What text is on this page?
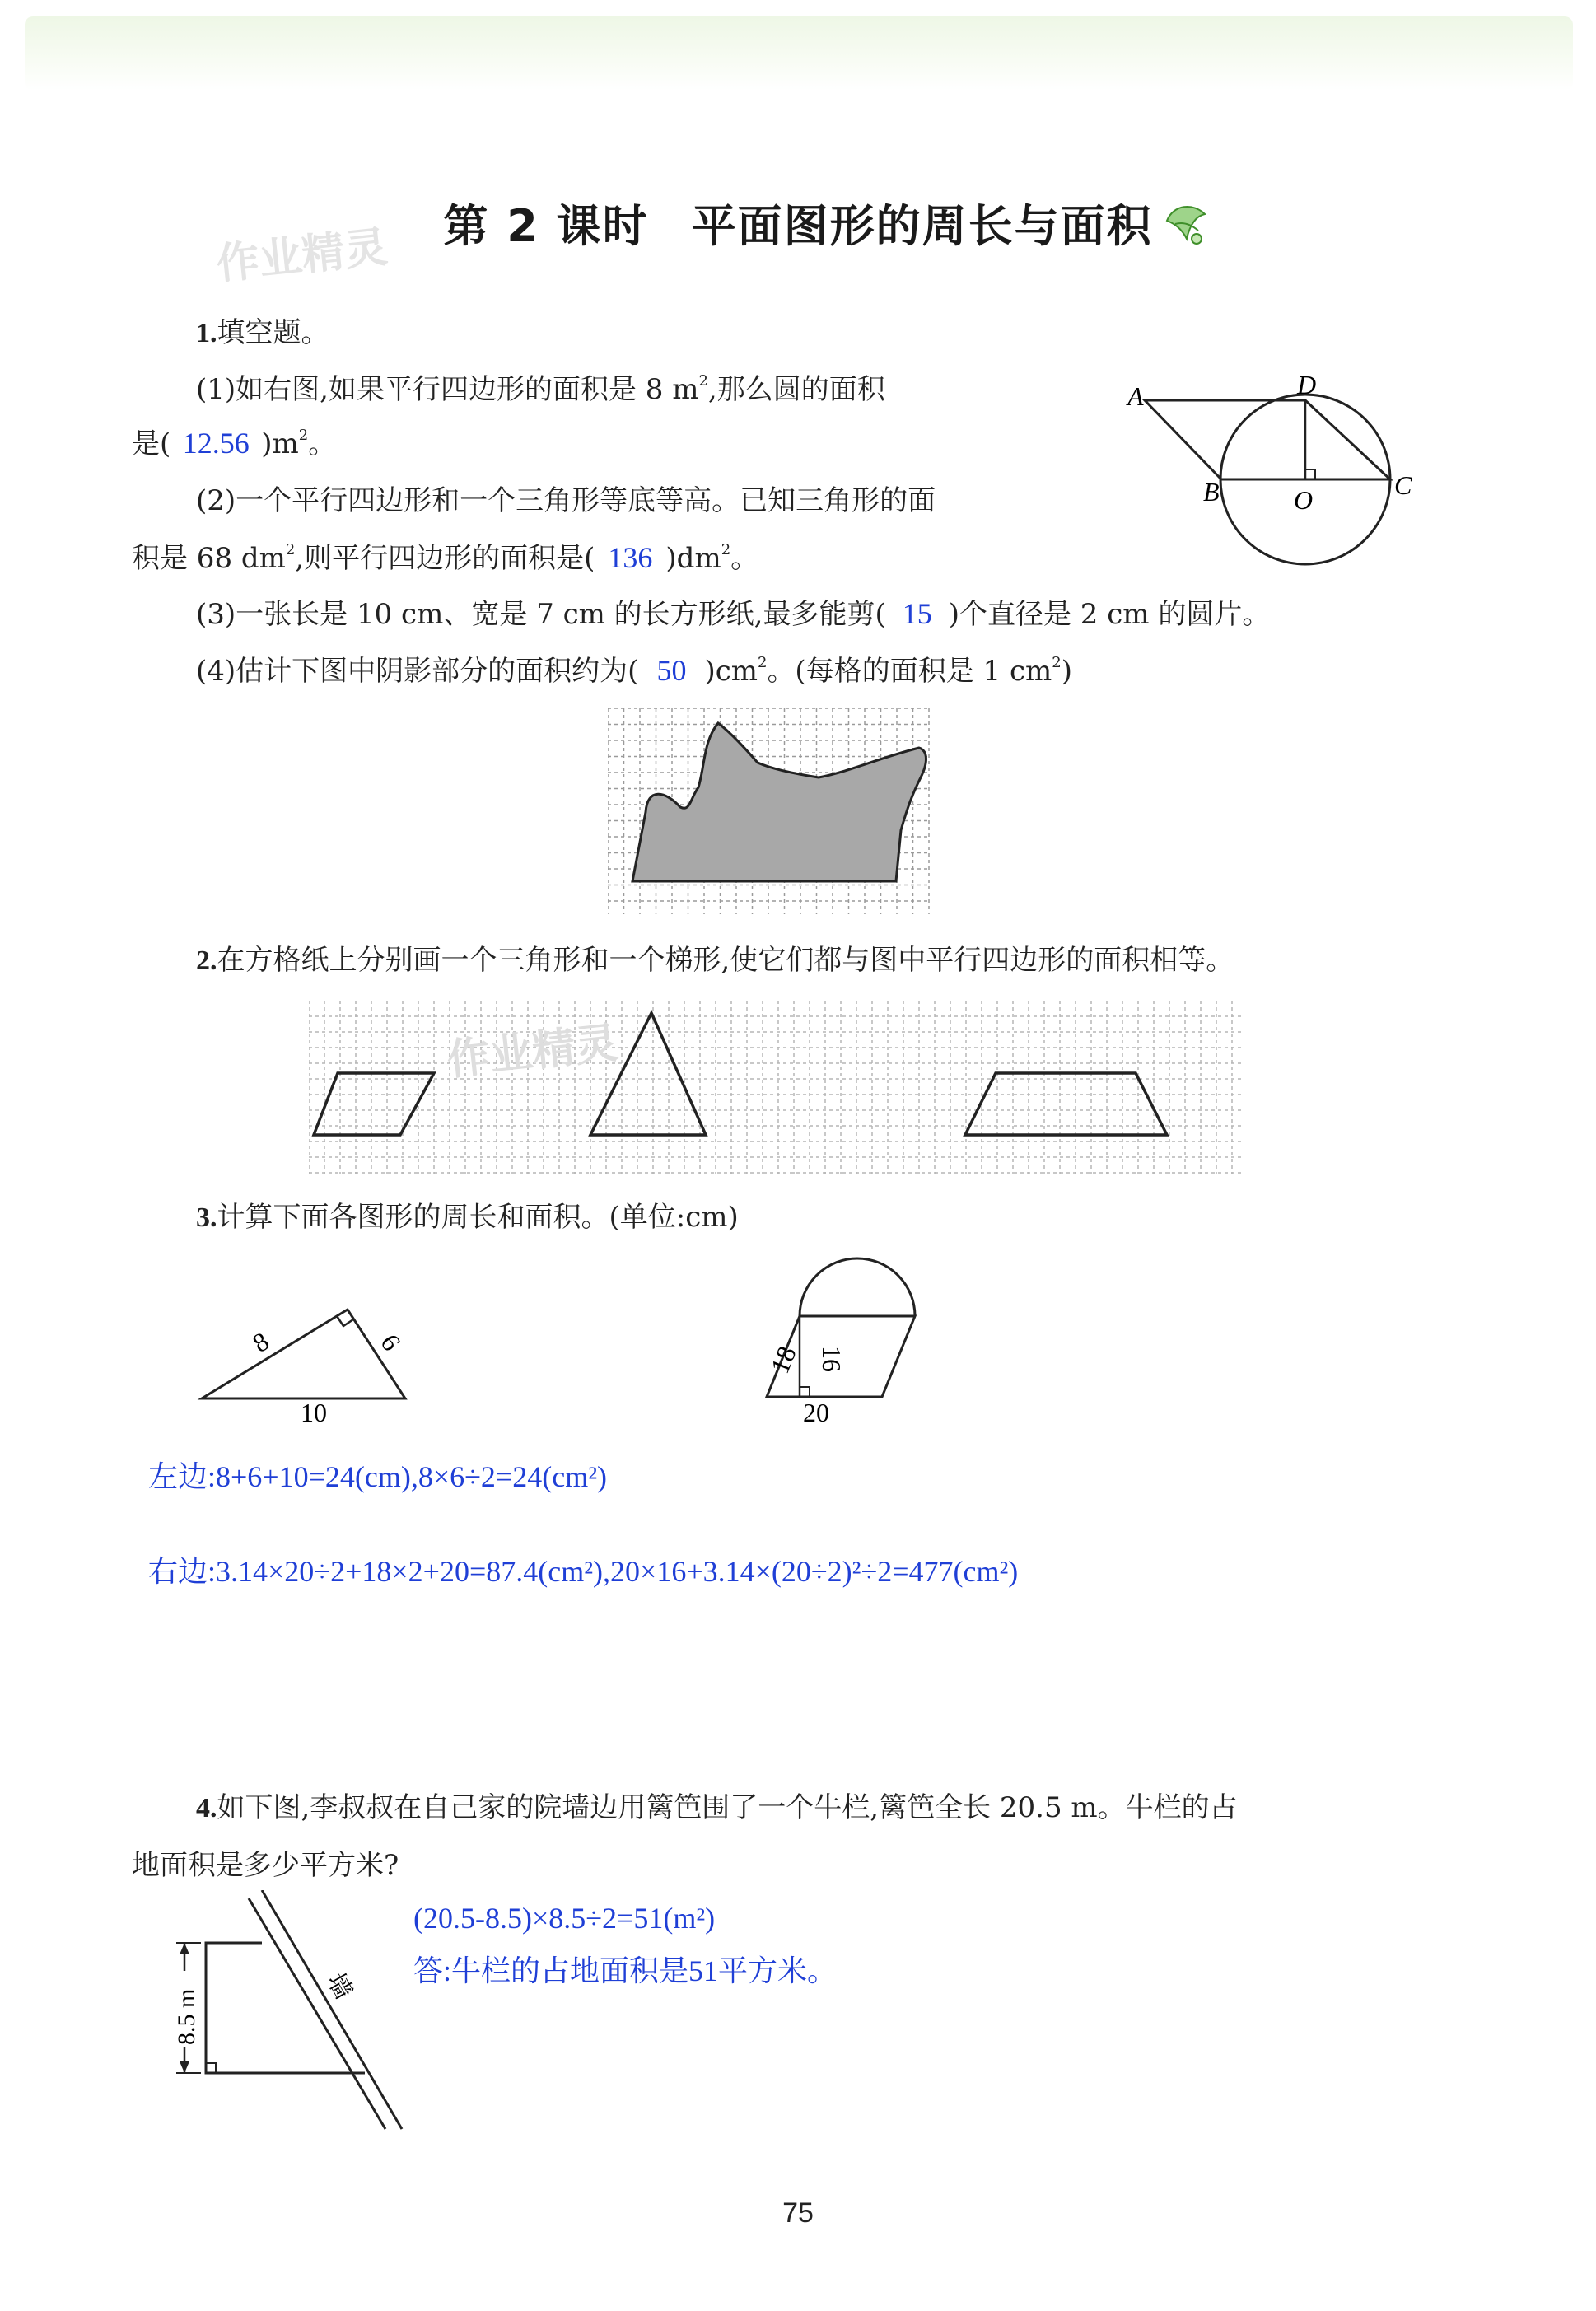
第 2 课时 平面图形的周长与面积
作业精灵
1.填空题。
(1)如右图,如果平行四边形的面积是 8 $m^2$,那么圆的面积
是( 12.56 )$m^2$。
(2)一个平行四边形和一个三角形等底等高。已知三角形的面
积是 68 $dm^2$,则平行四边形的面积是( 136 )$dm^2$。
(3)一张长是 10 cm、宽是 7 cm 的长方形纸,最多能剪( 15 )个直径是 2 cm 的圆片。
(4)估计下图中阴影部分的面积约为( 50 )$cm^2$。(每格的面积是 1 $cm^2$)
A	D
B	O	C
2.在方格纸上分别画一个三角形和一个梯形,使它们都与图中平行四边形的面积相等。
作业精灵
3.计算下面各图形的周长和面积。(单位:cm)
8	6
10
18 16
20
左边:8+6+10=24(cm),8×6÷2=24(cm²)
右边:3.14×20÷2+18×2+20=87.4(cm²),20×16+3.14×(20÷2)²÷2=477(cm²)
4.如下图,李叔叔在自己家的院墙边用篱笆围了一个牛栏,篱笆全长 20.5 m。牛栏的占
地面积是多少平方米?
8.5 m
墙
(20.5-8.5)×8.5÷2=51(m²)
答:牛栏的占地面积是51平方米。
75
